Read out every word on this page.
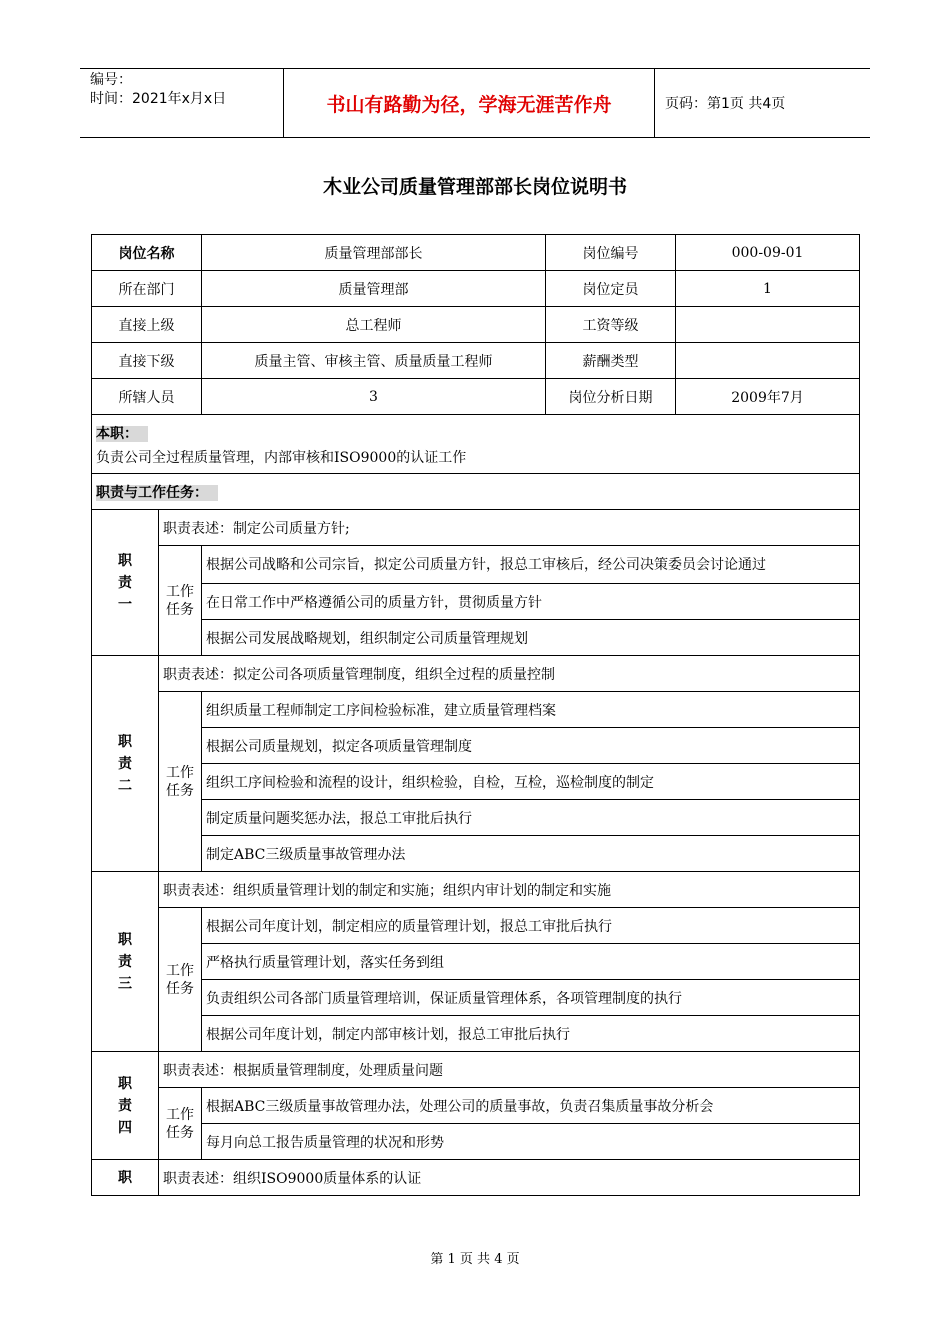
编号：
时间：2021年x月x日	书山有路勤为径，学海无涯苦作舟	页码：第1页 共4页
木业公司质量管理部部长岗位说明书
岗位名称		质量管理部部长	岗位编号	000-09-01
所在部门		质量管理部	岗位定员	1
直接上级		总工程师	工资等级	
直接下级		质量主管、审核主管、质量质量工程师	薪酬类型	
所辖人员		3	岗位分析日期	2009年7月

本职：
负责公司全过程质量管理，内部审核和ISO9000的认证工作				

职责与工作任务：				
职
责
一	职责表述：制定公司质量方针;			
	工作
任务	根据公司战略和公司宗旨，拟定公司质量方针，报总工审核后，经公司决策委员会讨论通过		
		在日常工作中严格遵循公司的质量方针，贯彻质量方针		
		根据公司发展战略规划，组织制定公司质量管理规划		
职
责
二	职责表述：拟定公司各项质量管理制度，组织全过程的质量控制			
	工作
任务	组织质量工程师制定工序间检验标准，建立质量管理档案		
		根据公司质量规划，拟定各项质量管理制度		
		组织工序间检验和流程的设计，组织检验，自检，互检，巡检制度的制定		
		制定质量问题奖惩办法，报总工审批后执行		
		制定ABC三级质量事故管理办法		
职
责
三	职责表述：组织质量管理计划的制定和实施；组织内审计划的制定和实施			
	工作
任务	根据公司年度计划，制定相应的质量管理计划，报总工审批后执行		
		严格执行质量管理计划，落实任务到组		
		负责组织公司各部门质量管理培训，保证质量管理体系，各项管理制度的执行		
		根据公司年度计划，制定内部审核计划，报总工审批后执行		
职
责
四	职责表述：根据质量管理制度，处理质量问题			
	工作
任务	根据ABC三级质量事故管理办法，处理公司的质量事故，负责召集质量事故分析会		
		每月向总工报告质量管理的状况和形势		
职	职责表述：组织ISO9000质量体系的认证			
第 1 页 共 4 页
